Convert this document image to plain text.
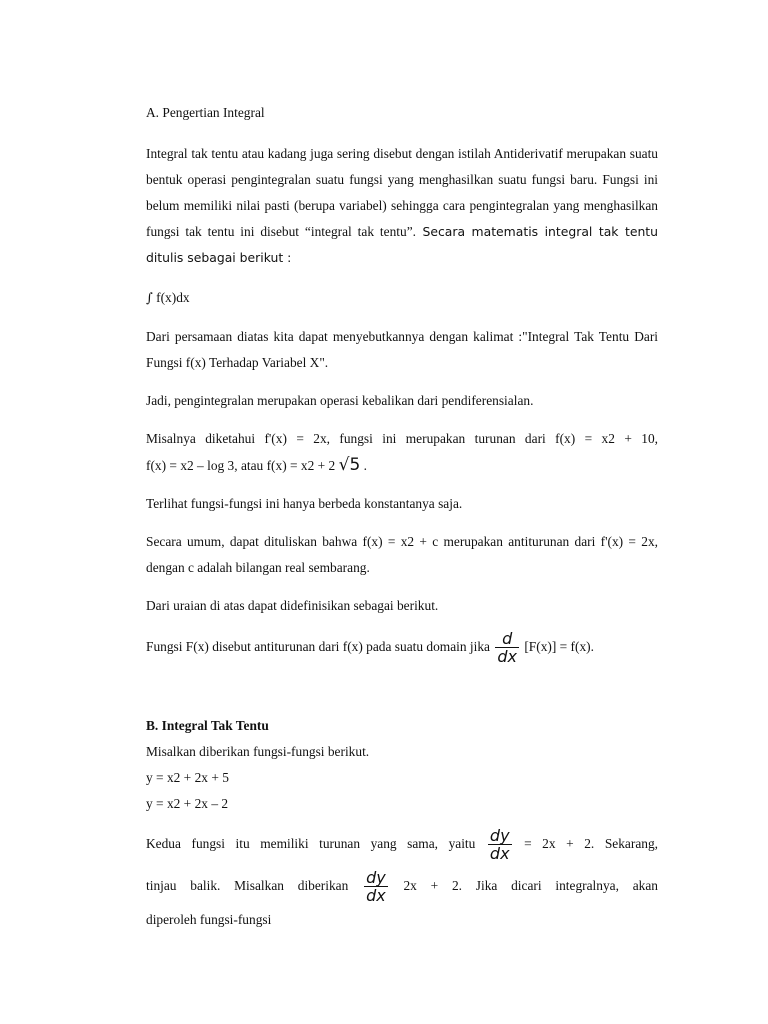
A. Pengertian Integral

Integral tak tentu atau kadang juga sering disebut dengan istilah Antiderivatif merupakan suatu bentuk operasi pengintegralan suatu fungsi yang menghasilkan suatu fungsi baru. Fungsi ini belum memiliki nilai pasti (berupa variabel) sehingga cara pengintegralan yang menghasilkan fungsi tak tentu ini disebut “integral tak tentu”. Secara matematis integral tak tentu ditulis sebagai berikut :

∫ f(x)dx

Dari persamaan diatas kita dapat menyebutkannya dengan kalimat :"Integral Tak Tentu Dari Fungsi f(x) Terhadap Variabel X".

Jadi, pengintegralan merupakan operasi kebalikan dari pendiferensialan.

Misalnya diketahui f'(x) = 2x, fungsi ini merupakan turunan dari f(x) = x2 + 10,

f(x) = x2 – log 3, atau f(x) = x2 + 2 √5 .

Terlihat fungsi-fungsi ini hanya berbeda konstantanya saja.

Secara umum, dapat dituliskan bahwa f(x) = x2 + c merupakan antiturunan dari f'(x) = 2x, dengan c adalah bilangan real sembarang.

Dari uraian di atas dapat didefinisikan sebagai berikut.

Fungsi F(x) disebut antiturunan dari f(x) pada suatu domain jika $\frac{d}{dx} [F(x)] = f(x)$.

B. Integral Tak Tentu

Misalkan diberikan fungsi-fungsi berikut.

y = x2 + 2x + 5

y = x2 + 2x – 2

Kedua fungsi itu memiliki turunan yang sama, yaitu $\frac{dy}{dx} = 2x + 2$. Sekarang,

tinjau balik. Misalkan diberikan $\frac{dy}{dx} 2x + 2$. Jika dicari integralnya, akan

diperoleh fungsi-fungsi
